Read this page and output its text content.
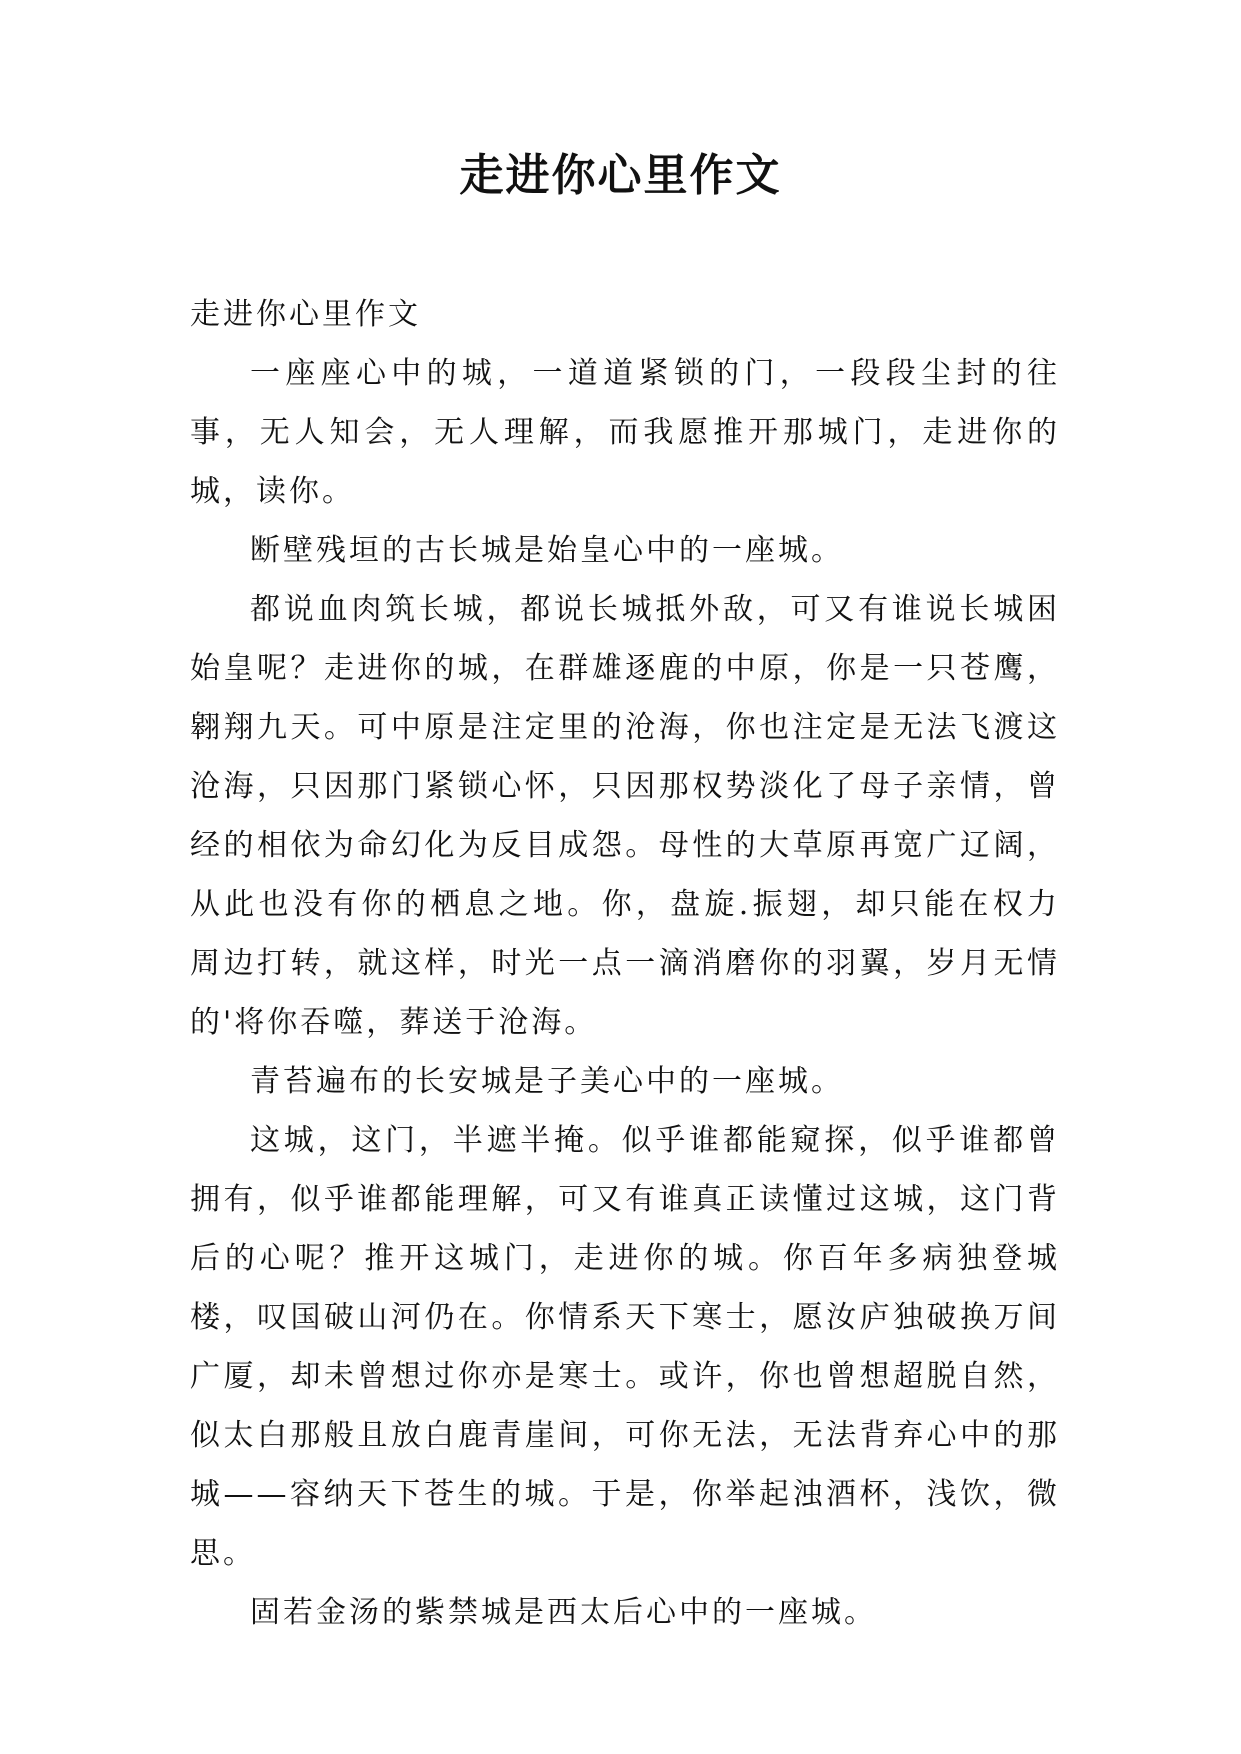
走进你心里作文

走进你心里作文

一座座心中的城，一道道紧锁的门，一段段尘封的往事，无人知会，无人理解，而我愿推开那城门，走进你的城，读你。

断壁残垣的古长城是始皇心中的一座城。

都说血肉筑长城，都说长城抵外敌，可又有谁说长城困始皇呢？走进你的城，在群雄逐鹿的中原，你是一只苍鹰，翱翔九天。可中原是注定里的沧海，你也注定是无法飞渡这沧海，只因那门紧锁心怀，只因那权势淡化了母子亲情，曾经的相依为命幻化为反目成怨。母性的大草原再宽广辽阔，从此也没有你的栖息之地。你，盘旋.振翅，却只能在权力周边打转，就这样，时光一点一滴消磨你的羽翼，岁月无情的'将你吞噬，葬送于沧海。

青苔遍布的长安城是子美心中的一座城。

这城，这门，半遮半掩。似乎谁都能窥探，似乎谁都曾拥有，似乎谁都能理解，可又有谁真正读懂过这城，这门背后的心呢？推开这城门，走进你的城。你百年多病独登城楼，叹国破山河仍在。你情系天下寒士，愿汝庐独破换万间广厦，却未曾想过你亦是寒士。或许，你也曾想超脱自然，似太白那般且放白鹿青崖间，可你无法，无法背弃心中的那城——容纳天下苍生的城。于是，你举起浊酒杯，浅饮，微思。

固若金汤的紫禁城是西太后心中的一座城。
